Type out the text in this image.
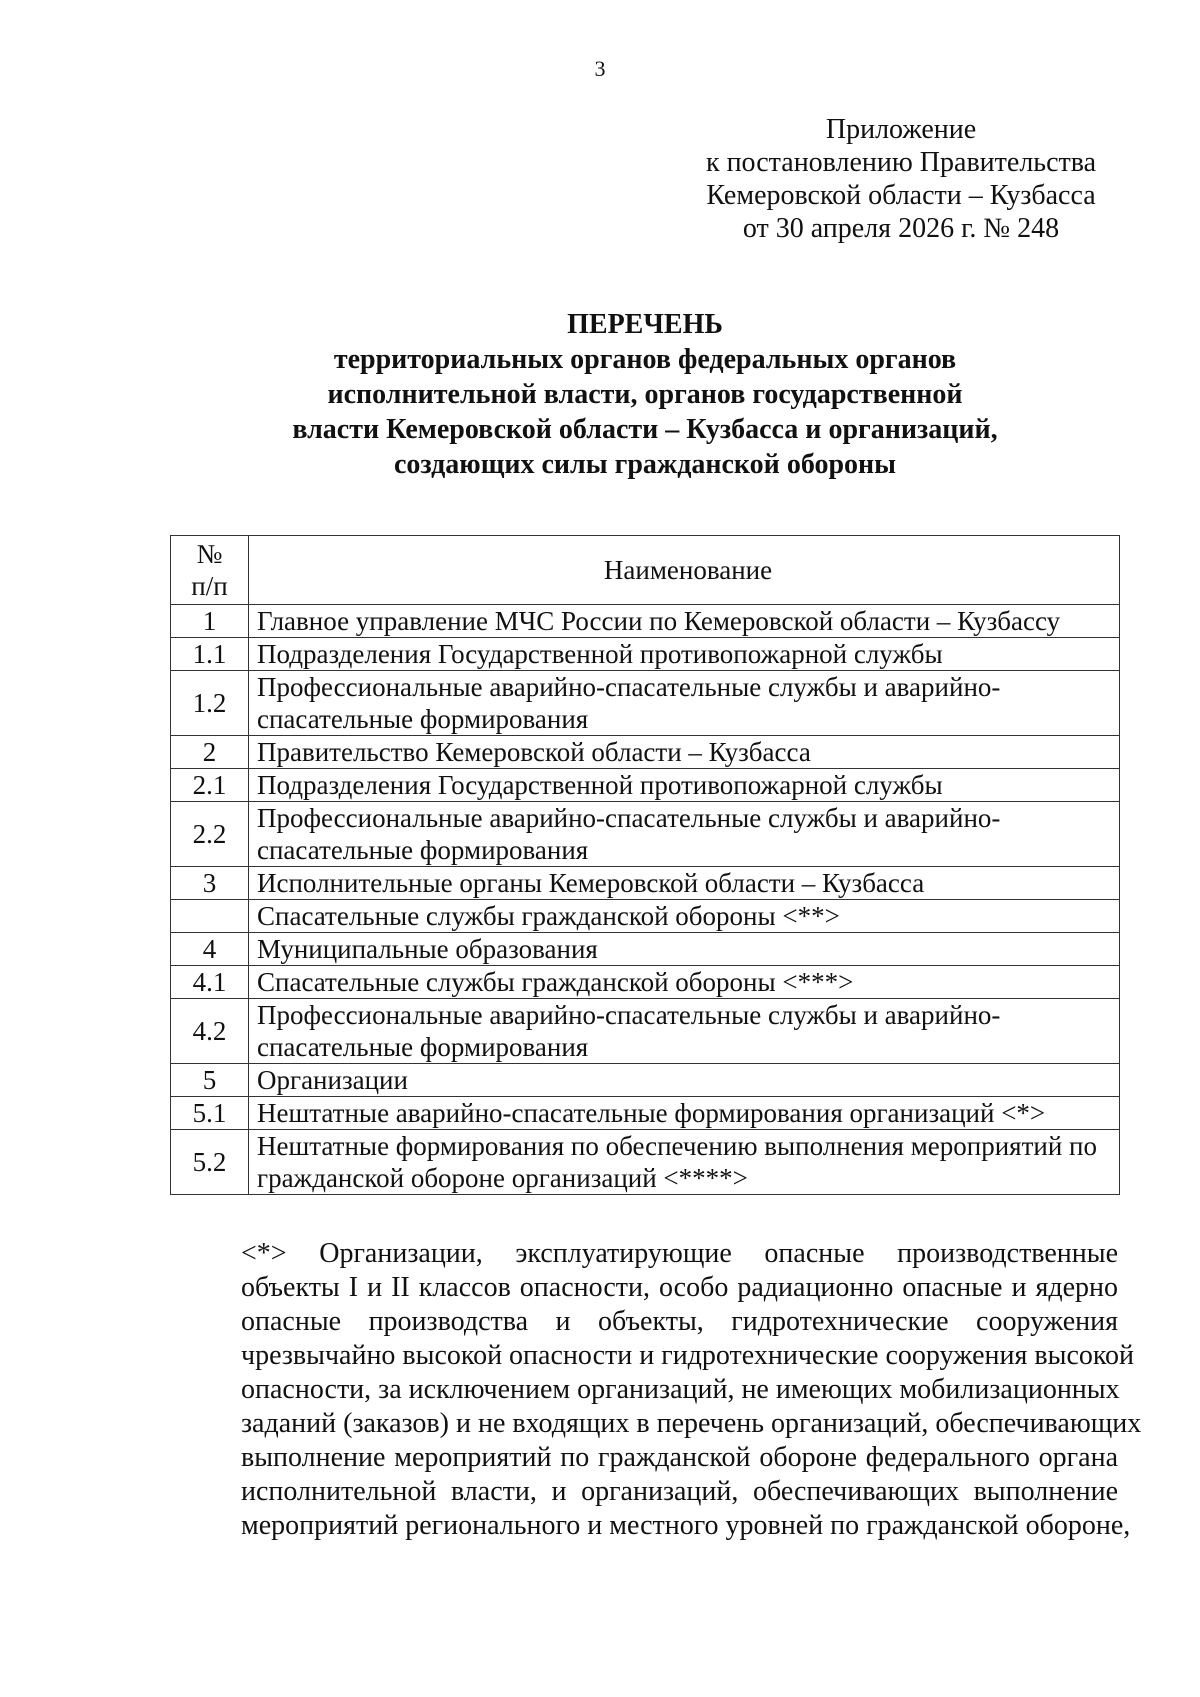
3
Приложение
к постановлению Правительства
Кемеровской области – Кузбасса
от 30 апреля 2026 г. № 248
ПЕРЕЧЕНЬ
территориальных органов федеральных органов
исполнительной власти, органов государственной
власти Кемеровской области – Кузбасса и организаций,
создающих силы гражданской обороны
№
п/п	Наименование
1	Главное управление МЧС России по Кемеровской области – Кузбассу
1.1	Подразделения Государственной противопожарной службы
1.2	Профессиональные аварийно-спасательные службы и аварийно-спасательные формирования
2	Правительство Кемеровской области – Кузбасса
2.1	Подразделения Государственной противопожарной службы
2.2	Профессиональные аварийно-спасательные службы и аварийно-спасательные формирования
3	Исполнительные органы Кемеровской области – Кузбасса
	Спасательные службы гражданской обороны <**>
4	Муниципальные образования
4.1	Спасательные службы гражданской обороны <***>
4.2	Профессиональные аварийно-спасательные службы и аварийно-спасательные формирования
5	Организации
5.1	Нештатные аварийно-спасательные формирования организаций <*>
5.2	Нештатные формирования по обеспечению выполнения мероприятий по гражданской обороне организаций <****>

<*> Организации, эксплуатирующие опасные производственные
объекты I и II классов опасности, особо радиационно опасные и ядерно
опасные производства и объекты, гидротехнические сооружения
чрезвычайно высокой опасности и гидротехнические сооружения высокой
опасности, за исключением организаций, не имеющих мобилизационных
заданий (заказов) и не входящих в перечень организаций, обеспечивающих
выполнение мероприятий по гражданской обороне федерального органа
исполнительной власти, и организаций, обеспечивающих выполнение
мероприятий регионального и местного уровней по гражданской обороне,
